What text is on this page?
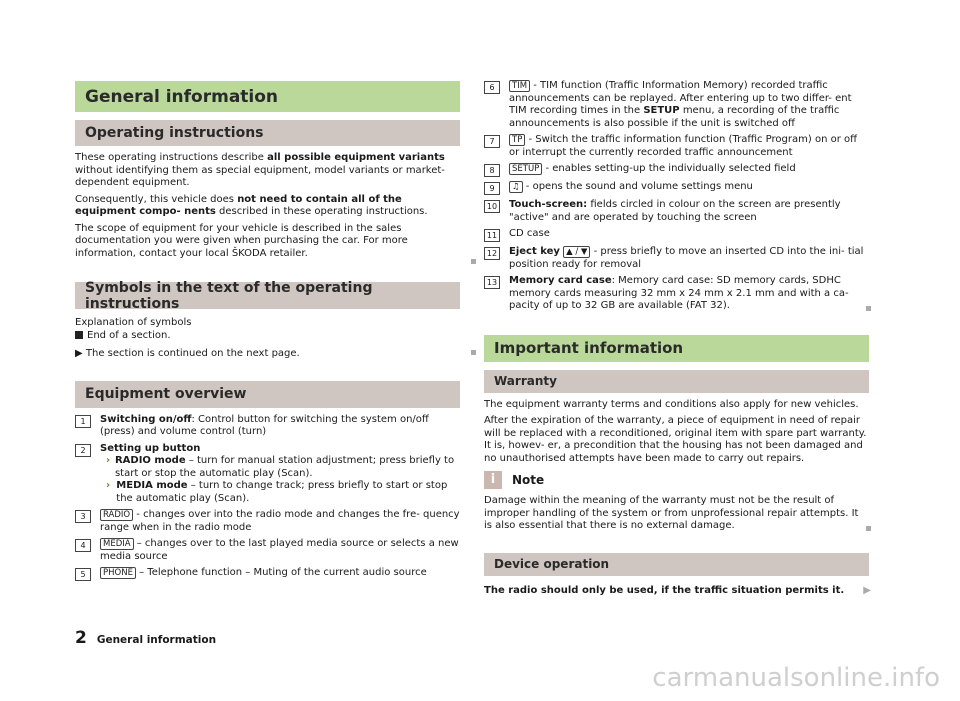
General information
Operating instructions

These operating instructions describe all possible equipment variants without identifying them as special equipment, model variants or market-dependent equipment.

Consequently, this vehicle does not need to contain all of the equipment compo- nents described in these operating instructions.

The scope of equipment for your vehicle is described in the sales documentation you were given when purchasing the car. For more information, contact your local ŠKODA retailer.

Symbols in the text of the operating instructions

Explanation of symbols
End of a section.

▶ The section is continued on the next page.

Equipment overview
1	Switching on/off: Control button for switching the system on/off (press) and volume control (turn)
2	Setting up button
› RADIO mode – turn for manual station adjustment; press briefly to start or stop the automatic play (Scan).
› MEDIA mode – turn to change track; press briefly to start or stop the automatic play (Scan).
3	RADIO - changes over into the radio mode and changes the fre- quency range when in the radio mode
4	MEDIA – changes over to the last played media source or selects a new media source
5	PHONE – Telephone function – Muting of the current audio source
6	TIM - TIM function (Traffic Information Memory) recorded traffic announcements can be replayed. After entering up to two differ- ent TIM recording times in the SETUP menu, a recording of the traffic announcements is also possible if the unit is switched off
7	TP - Switch the traffic information function (Traffic Program) on or off or interrupt the currently recorded traffic announcement
8	SETUP - enables setting-up the individually selected field
9	♫ - opens the sound and volume settings menu
10 Touch-screen: fields circled in colour on the screen are presently "active" and are operated by touching the screen
11 CD case
12 Eject key ▲ / ▼ - press briefly to move an inserted CD into the ini- tial position ready for removal
13 Memory card case: Memory card case: SD memory cards, SDHC memory cards measuring 32 mm x 24 mm x 2.1 mm and with a ca- pacity of up to 32 GB are available (FAT 32).
Important information
Warranty

The equipment warranty terms and conditions also apply for new vehicles.

After the expiration of the warranty, a piece of equipment in need of repair will be replaced with a reconditioned, original item with spare part warranty. It is, howev- er, a precondition that the housing has not been damaged and no unauthorised attempts have been made to carry out repairs.

i	Note

Damage within the meaning of the warranty must not be the result of improper handling of the system or from unprofessional repair attempts. It is also essential that there is no external damage.

Device operation

The radio should only be used, if the traffic situation permits it. ▶

2 General information
carmanualsonline.info
